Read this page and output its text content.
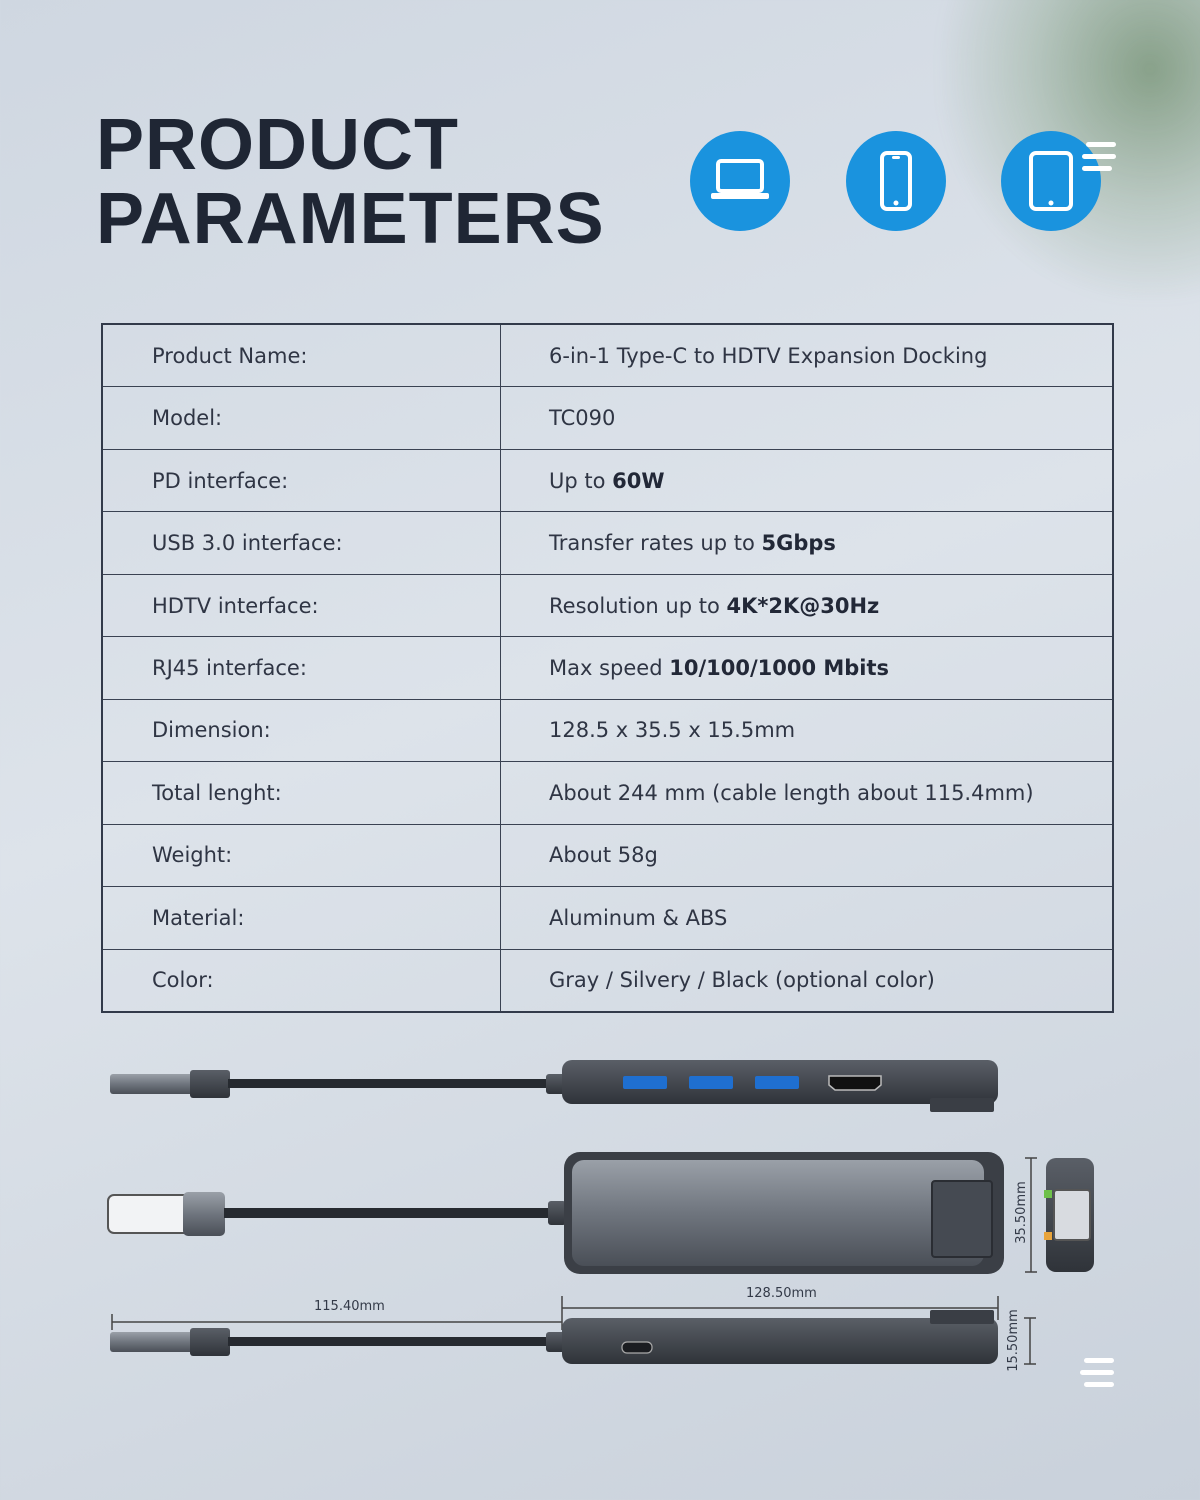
PRODUCT
PARAMETERS
Product Name:	6-in-1 Type-C to HDTV Expansion Docking
Model:	TC090
PD interface:	Up to 60W
USB 3.0 interface:	Transfer rates up to 5Gbps
HDTV interface:	Resolution up to 4K*2K@30Hz
RJ45 interface:	Max speed 10/100/1000 Mbits
Dimension:	128.5 x 35.5 x 15.5mm
Total lenght:	About 244 mm (cable length about 115.4mm)
Weight:	About 58g
Material:	Aluminum & ABS
Color:	Gray / Silvery / Black (optional color)
115.40mm
128.50mm
35.50mm
15.50mm
